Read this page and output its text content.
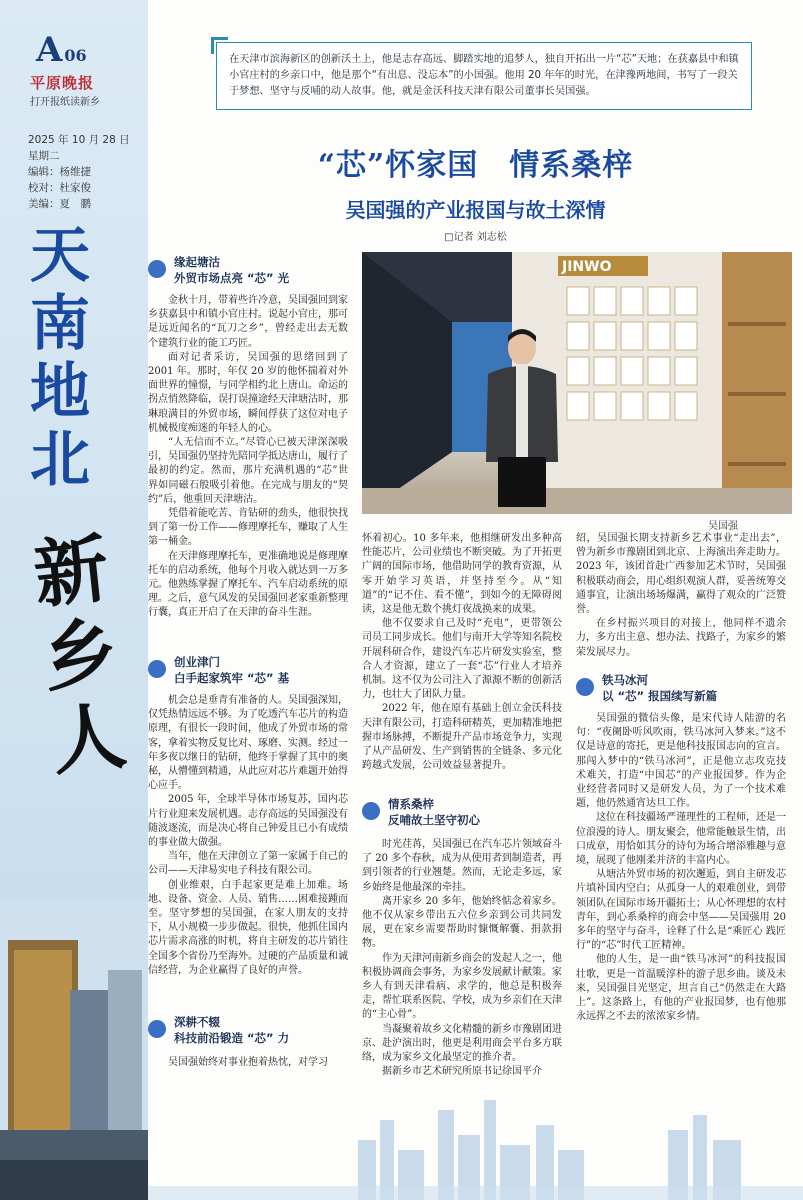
A 06
平原晚报
打开报纸读新乡
2025 年 10 月 28 日
星期二
编辑：杨维捷
校对：杜家俊
美编：夏　鹏
天南地北
新乡人
在天津市滨海新区的创新沃土上，他是志存高远、脚踏实地的追梦人，独自开拓出一片“芯”天地；在获嘉县中和镇小官庄村的乡亲口中，他是那个“有出息、没忘本”的小国强。他用 20 年年的时光，在津豫两地间，书写了一段关于梦想、坚守与反哺的动人故事。他，就是金沃科技天津有限公司董事长吴国强。
“芯”怀家国　情系桑梓
吴国强的产业报国与故土深情
□记者 刘志松
JINWO
吴国强
缘起塘沽
外贸市场点亮 “芯” 光

金秋十月，带着些许冷意，吴国强回到家乡获嘉县中和镇小官庄村。说起小官庄，那可是远近闻名的“瓦刀之乡”，曾经走出去无数个建筑行业的能工巧匠。

面对记者采访，吴国强的思绪回到了 2001 年。那时，年仅 20 岁的他怀揣着对外面世界的憧憬，与同学相约北上唐山。命运的拐点悄然降临，误打误撞途经天津塘沽时，那琳琅满目的外贸市场，瞬间俘获了这位对电子机械极度痴迷的年轻人的心。

“人无信而不立。”尽管心已被天津深深吸引，吴国强仍坚持先陪同学抵达唐山，履行了最初的约定。然而，那片充满机遇的“芯”世界如同磁石般吸引着他。在完成与朋友的“契约”后，他重回天津塘沽。

凭借着能吃苦、肯钻研的劲头，他很快找到了第一份工作——修理摩托车，赚取了人生第一桶金。

在天津修理摩托车，更准确地说是修理摩托车的启动系统，他每个月收入就达到一万多元。他熟练掌握了摩托车、汽车启动系统的原理。之后，意气风发的吴国强回老家重新整理行囊，真正开启了在天津的奋斗生涯。

创业津门
白手起家筑牢 “芯” 基

机会总是垂青有准备的人。吴国强深知，仅凭热情远远不够。为了吃透汽车芯片的构造原理，有很长一段时间，他成了外贸市场的常客，拿着实物反复比对、琢磨、实测。经过一年多夜以继日的钻研，他终于掌握了其中的奥秘，从懵懂到精通，从此应对芯片难题开始得心应手。

2005 年，全球半导体市场复苏，国内芯片行业迎来发展机遇。志存高远的吴国强没有随波逐流，而是决心将自己钟爱且已小有成绩的事业做大做强。

当年，他在天津创立了第一家属于自己的公司——天津易实电子科技有限公司。

创业维艰，白手起家更是难上加难。场地、设备、资金、人员、销售……困难接踵而至。坚守梦想的吴国强，在家人朋友的支持下，从小规模一步步做起。很快，他抓住国内芯片需求高涨的时机，将自主研发的芯片销往全国多个省份乃至海外。过硬的产品质量和诚信经营，为企业赢得了良好的声誉。

深耕不辍
科技前沿锻造 “芯” 力

吴国强始终对事业抱着热忱，对学习

怀着初心。10 多年来，他相继研发出多种高性能芯片，公司业绩也不断突破。为了开拓更广阔的国际市场，他借助同学的教育资源，从零开始学习英语，并坚持至今。从“知道”的“记不住、看不懂”，到如今的无障碍阅读，这是他无数个挑灯夜战换来的成果。

他不仅要求自己及时“充电”，更带领公司员工同步成长。他们与南开大学等知名院校开展科研合作，建设汽车芯片研发实验室，整合人才资源，建立了一套“芯”行业人才培养机制。这不仅为公司注入了源源不断的创新活力，也壮大了团队力量。

2022 年，他在原有基础上创立金沃科技天津有限公司，打造科研精英，更加精准地把握市场脉搏，不断提升产品市场竞争力，实现了从产品研发、生产到销售的全链条、多元化跨越式发展，公司效益显著提升。

情系桑梓
反哺故土坚守初心

时光荏苒，吴国强已在汽车芯片领域奋斗了 20 多个春秋，成为从使用者到制造者，再到引领者的行业翘楚。然而，无论走多远，家乡始终是他最深的牵挂。

离开家乡 20 多年，他始终惦念着家乡。他不仅从家乡带出五六位乡亲到公司共同发展，更在家乡需要帮助时慷慨解囊、捐款捐物。

作为天津河南新乡商会的发起人之一，他积极协调商会事务，为家乡发展献计献策。家乡人有到天津看病、求学的，他总是积极奔走，帮忙联系医院、学校，成为乡亲们在天津的“主心骨”。

当凝聚着故乡文化精髓的新乡市豫剧团进京、赴沪演出时，他更是利用商会平台多方联络，成为家乡文化最坚定的推介者。

据新乡市艺术研究所原书记徐国平介

绍，吴国强长期支持新乡艺术事业“走出去”，曾为新乡市豫剧团到北京、上海演出奔走助力。2023 年，该团首赴广西参加艺术节时，吴国强积极联动商会，用心组织观演人群，妥善统筹交通事宜，让演出场场爆满，赢得了观众的广泛赞誉。

在乡村振兴项目的对接上，他同样不遗余力，多方出主意、想办法、找路子，为家乡的繁荣发展尽力。

铁马冰河
以 “芯” 报国续写新篇

吴国强的微信头像，是宋代诗人陆游的名句：“夜阑卧听风吹雨，铁马冰河入梦来。”这不仅是诗意的寄托，更是他科技报国志向的宣言。那闯入梦中的“铁马冰河”，正是他立志攻克技术难关，打造“中国芯”的产业报国梦。作为企业经营者同时又是研发人员，为了一个技术难题，他仍然通宵达旦工作。

这位在科技疆场严谨理性的工程师，还是一位浪漫的诗人。朋友聚会，他常能触景生情，出口成章，用恰如其分的诗句为场合增添雅趣与意境，展现了他刚柔并济的丰富内心。

从塘沽外贸市场的初次邂逅，到自主研发芯片填补国内空白；从孤身一人的艰难创业，到带领团队在国际市场开疆拓土；从心怀理想的农村青年，到心系桑梓的商会中坚——吴国强用 20 多年的坚守与奋斗，诠释了什么是“乘匠心 践匠行”的“芯”时代工匠精神。

他的人生，是一曲“铁马冰河”的科技报国壮歌，更是一首温暖淳朴的游子思乡曲。谈及未来，吴国强目光坚定，坦言自己“仍然走在大路上”。这条路上，有他的产业报国梦，也有他那永远挥之不去的浓浓家乡情。
